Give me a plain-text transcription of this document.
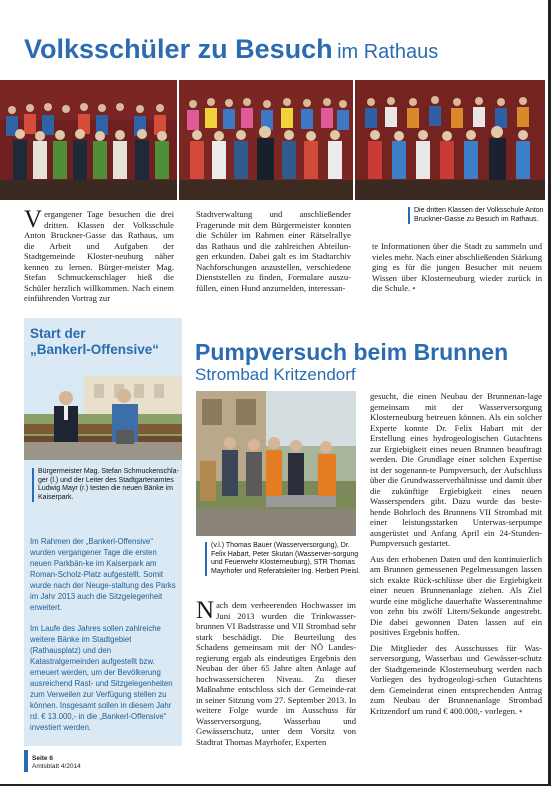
Volksschüler zu Besuch im Rathaus
Vergangener Tage besuchen die drei dritten. Klassen der Volksschule Anton Bruckner-Gasse das Rathaus, um die Arbeit und Aufgaben der Stadtgemeinde Kloster-neuburg näher kennen zu lernen. Bürger-meister Mag. Stefan Schmuckenschlager hieß die Schüler herzlich willkommen. Nach einem einführenden Vortrag zur
Stadtverwaltung und anschließender Fragerunde mit dem Bürgermeister konnten die Schüler im Rahmen einer Rätselrallye das Rathaus und die zahlreichen Abteilun-gen erkunden. Dabei galt es im Stadtarchiv Nachforschungen anzustellen, verschiedene Dienststellen zu finden, Formulare auszu-füllen, einen Hund anzumelden, interessan-
Die dritten Klassen der Volksschule Anton Bruckner-Gasse zu Besuch im Rathaus.
te Informationen über die Stadt zu sammeln und vieles mehr. Nach einer abschließenden Stärkung ging es für die jungen Besucher mit neuem Wissen über Klosterneuburg wieder zurück in die Schule. •
Start der
„Bankerl-Offensive“
Bürgermeister Mag. Stefan Schmuckenschla-ger (l.) und der Leiter des Stadtgartenamtes Ludwig Mayr (r.) testen die neuen Bänke im Kaiserpark.

Im Rahmen der „Bankerl-Offensive“ wurden vergangener Tage die ersten neuen Parkbän-ke im Kaiserpark am Roman-Scholz-Platz aufgestellt. Somit wurde nach der Neuge-staltung des Parks im Jahr 2013 auch die Sitzgelegenheit erweitert.

Im Laufe des Jahres sollen zahlreiche weitere Bänke im Stadtgebiet (Rathausplatz) und den Katastralgemeinden aufgestellt bzw. erneuert werden, um der Bevölkerung ausreichend Rast- und Sitzgelegenheiten zum Verweilen zur Verfügung stellen zu können. Insgesamt sollen in diesem Jahr rd. € 13.000,- in die „Bankerl-Offensive“ investiert werden.

Pumpversuch beim Brunnen
Strombad Kritzendorf
(v.l.) Thomas Bauer (Wasserversorgung), Dr. Felix Habart, Peter Skutan (Wasserver-sorgung und Feuerwehr Klosterneuburg), STR Thomas Mayrhofer und Referatsleiter Ing. Herbert Preisl.
Nach dem verheerenden Hochwasser im Juni 2013 wurden die Trinkwasser-brunnen VI Badstrasse und VII Strombad sehr stark beschädigt. Die Beurteilung des Schadens gemeinsam mit der NÖ Landes-regierung ergab als eindeutiges Ergebnis den Neubau der über 65 Jahre alten Anlage auf hochwassersicheren Niveau. Zu dieser Maßnahme entschloss sich der Gemeinde-rat in seiner Sitzung vom 27. September 2013. In weitere Folge wurde im Ausschuss für Wasserversorgung, Wasserbau und Gewässerschutz, unter dem Vorsitz von Stadtrat Thomas Mayrhofer, Experten

gesucht, die einen Neubau der Brunnenan-lage gemeinsam mit der Wasserversorgung Klosterneuburg betreuen können. Als ein solcher Experte konnte Dr. Felix Habart mit der Erstellung eines hydrogeologischen Gutachtens zur Ergiebigkeit eines neuen Brunnen beauftragt werden. Die Grundlage einer solchen Expertise ist der sogenann-te Pumpversuch, der Aufschluss über die Grundwasserverhältnisse und damit über die zukünftige Ergiebigkeit eines neuen Wasserspenders gibt. Dazu wurde das beste-hende Bohrloch des Brunnens VII Strombad mit einer leistungsstarken Unterwas-serpumpe ausgerüstet und Anfang April ein 24-Stunden-Pumpversuch gestartet.

Aus den erhobenen Daten und den kontinuierlich am Brunnen gemessenen Pegelmessungen lassen sich exakte Rück-schlüsse über die Ergiebigkeit einer neuen Brunnenanlage ziehen. Als Ziel wurde eine mögliche dauerhafte Wasserentnahme von zehn bis zwölf Litern/Sekunde angestrebt. Die dabei gewonnen Daten lassen auf ein positives Ergebnis hoffen.

Die Mitglieder des Ausschusses für Was-serversorgung, Wasserbau und Gewässer-schutz der Stadtgemeinde Klosterneuburg werden nach Vorliegen des hydrogeologi-schen Gutachtens dem Gemeinderat einen entsprechenden Antrag zum Neubau der Brunnenanlage Strombad Kritzendorf um rund € 400.000,- vorlegen. •

Seite 6
Amtsblatt 4/2014
